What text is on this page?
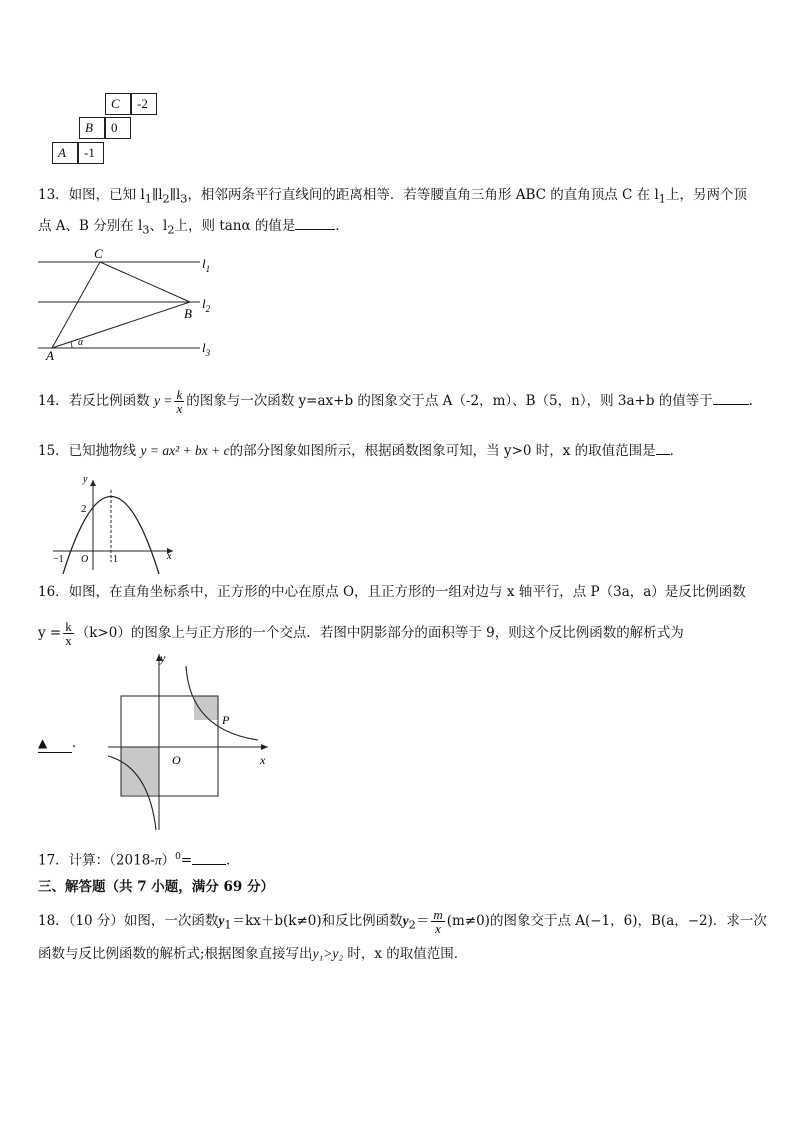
C	-2
B	0
A	-1
13．如图，已知 $l_1\parallel l_2\parallel l_3$，相邻两条平行直线间的距离相等．若等腰直角三角形 ABC 的直角顶点 C 在 $l_1$上，另两个顶
点 A、B 分别在 $l_3$、$l_2$上，则 tanα 的值是	．
C
B
A
α
$l_1$
$l_2$
$l_3$
14．若反比例函数 $y = \frac{k}{x}$ 的图象与一次函数 y=ax+b 的图象交于点 A（-2，m）、B（5，n），则 3a+b 的值等于	．
15．已知抛物线 y = ax² + bx + c的部分图象如图所示，根据函数图象可知，当 y>0 时，x 的取值范围是 ．
y
x
2
−1 O 1
16．如图，在直角坐标系中，正方形的中心在原点 O，且正方形的一组对边与 x 轴平行，点 P（3a，a）是反比例函数
$y = \frac{k}{x} (k>0)$的图象上与正方形的一个交点．若图中阴影部分的面积等于 9，则这个反比例函数的解析式为
y
x
O
P
▲ ．
17．计算：$(2018-\pi)^0=$	．
三、解答题（共 7 小题，满分 69 分）
18．（10 分）如图，一次函数$y_1=kx+b(k\ne 0)$和反比例函数$y_2= \frac{m}{x} (m\ne 0)$的图象交于点 A(−1，6)，B(a，−2)．求一次
函数与反比例函数的解析式;根据图象直接写出y₁>y₂ 时，x 的取值范围．
